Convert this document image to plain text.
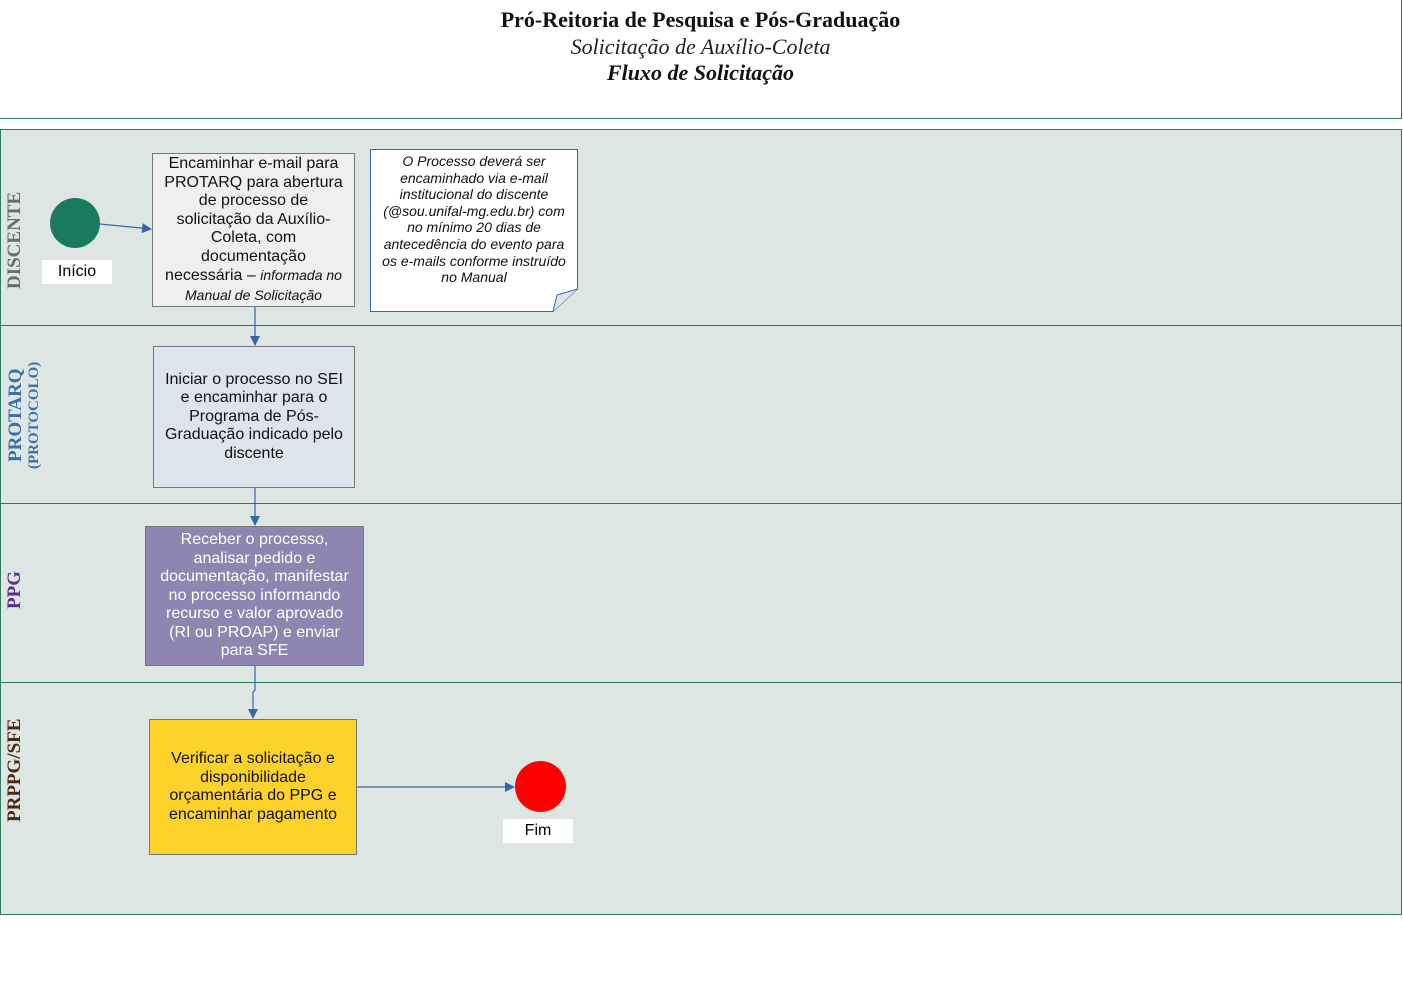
Pró-Reitoria de Pesquisa e Pós-Graduação
Solicitação de Auxílio-Coleta
Fluxo de Solicitação
DISCENTE
PROTARQ (PROTOCOLO)
PPG
PRPPG/SFE
Início
Encaminhar e-mail para PROTARQ para abertura de processo de solicitação da Auxílio-Coleta, com documentação necessária – informada no Manual de Solicitação
O Processo deverá ser encaminhado via e-mail institucional do discente (@sou.unifal-mg.edu.br) com no mínimo 20 dias de antecedência do evento para os e-mails conforme instruído no Manual
Iniciar o processo no SEI e encaminhar para o Programa de Pós-Graduação indicado pelo discente
Receber o processo, analisar pedido e documentação, manifestar no processo informando recurso e valor aprovado (RI ou PROAP) e enviar para SFE
Verificar a solicitação e disponibilidade orçamentária do PPG e encaminhar pagamento
Fim
